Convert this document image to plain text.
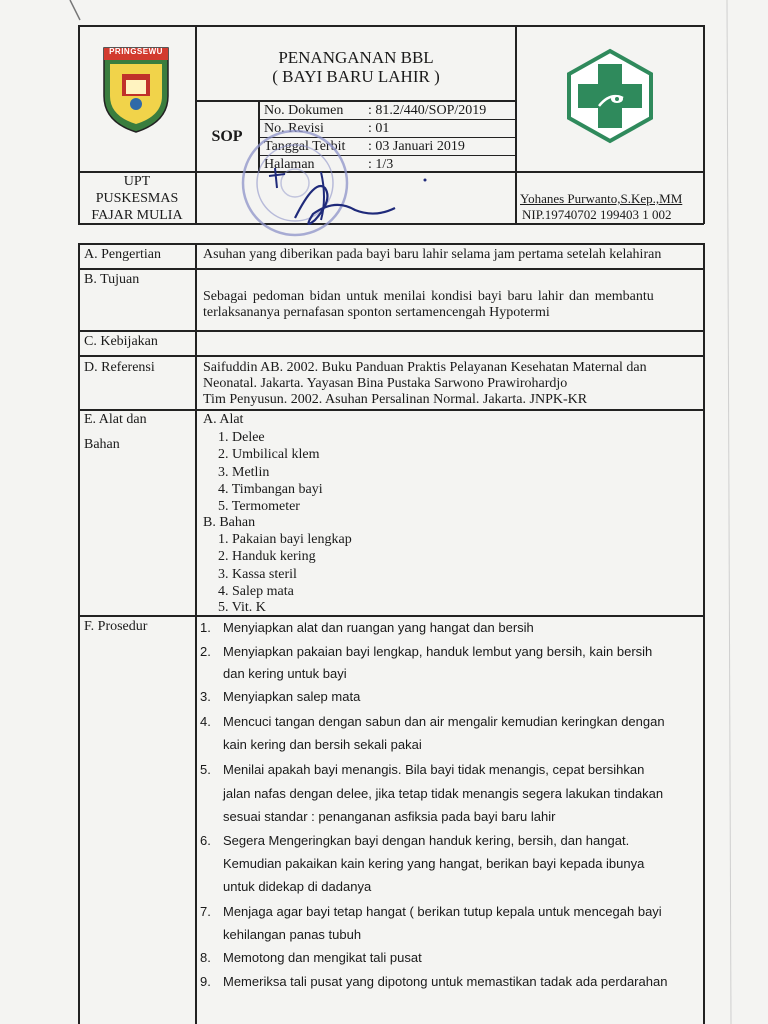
PRINGSEWU	PENANGANAN BBL
( BAYI BARU LAHIR )
SOP
No. Dokumen : 81.2/440/SOP/2019
No. Revisi	: 01
Tanggal Terbit : 03 Januari 2019
Halaman	: 1/3
UPT
PUSKESMAS
FAJAR MULIA
Yohanes Purwanto,S.Kep.,MM
NIP.19740702 199403 1 002
A. Pengertian	Asuhan yang diberikan pada bayi baru lahir selama jam pertama setelah kelahiran
B. Tujuan
Sebagai pedoman bidan untuk menilai kondisi bayi baru lahir dan membantu
terlaksananya pernafasan sponton sertamencengah Hypotermi
C. Kebijakan
D. Referensi	Saifuddin AB. 2002. Buku Panduan Praktis Pelayanan Kesehatan Maternal dan
Neonatal. Jakarta. Yayasan Bina Pustaka Sarwono Prawirohardjo
Tim Penyusun. 2002. Asuhan Persalinan Normal. Jakarta. JNPK-KR
E. Alat dan
Bahan
A. Alat
1. Delee
2. Umbilical klem
3. Metlin
4. Timbangan bayi
5. Termometer
B. Bahan
1. Pakaian bayi lengkap
2. Handuk kering
3. Kassa steril
4. Salep mata
5. Vit. K
F. Prosedur	1. Menyiapkan alat dan ruangan yang hangat dan bersih
2. Menyiapkan pakaian bayi lengkap, handuk lembut yang bersih, kain bersih
dan kering untuk bayi
3. Menyiapkan salep mata
4. Mencuci tangan dengan sabun dan air mengalir kemudian keringkan dengan
kain kering dan bersih sekali pakai
5. Menilai apakah bayi menangis. Bila bayi tidak menangis, cepat bersihkan
jalan nafas dengan delee, jika tetap tidak menangis segera lakukan tindakan
sesuai standar : penanganan asfiksia pada bayi baru lahir
6. Segera Mengeringkan bayi dengan handuk kering, bersih, dan hangat.
Kemudian pakaikan kain kering yang hangat, berikan bayi kepada ibunya
untuk didekap di dadanya
7. Menjaga agar bayi tetap hangat ( berikan tutup kepala untuk mencegah bayi
kehilangan panas tubuh
8. Memotong dan mengikat tali pusat
9. Memeriksa tali pusat yang dipotong untuk memastikan tadak ada perdarahan
